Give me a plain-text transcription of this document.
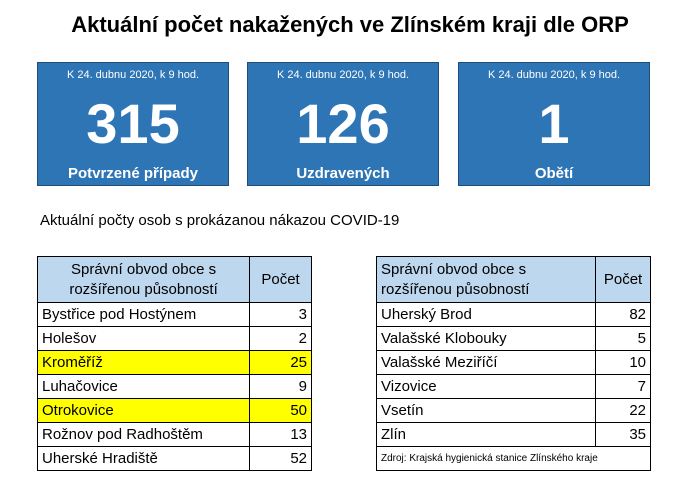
Aktuální počet nakažených ve Zlínském kraji dle ORP
K 24. dubnu 2020, k 9 hod.
315
Potvrzené případy
K 24. dubnu 2020, k 9 hod.
126
Uzdravených
K 24. dubnu 2020, k 9 hod.
1
Obětí
Aktuální počty osob s prokázanou nákazou COVID-19
Správní obvod obce s rozšířenou působností	Počet
Bystřice pod Hostýnem	3
Holešov	2
Kroměříž	25
Luhačovice	9
Otrokovice	50
Rožnov pod Radhoštěm	13
Uherské Hradiště	52
Správní obvod obce s rozšířenou působností	Počet
Uherský Brod	82
Valašské Klobouky	5
Valašské Meziříčí	10
Vizovice	7
Vsetín	22
Zlín	35
Zdroj: Krajská hygienická stanice Zlínského kraje	
